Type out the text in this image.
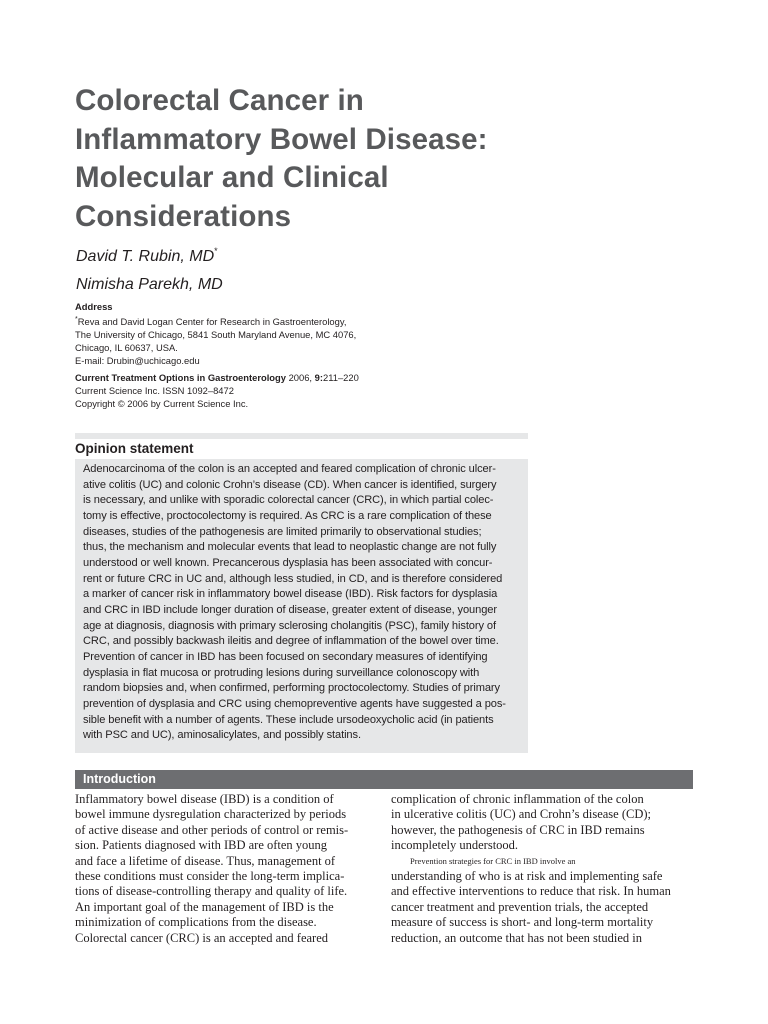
Colorectal Cancer in
Inflammatory Bowel Disease:
Molecular and Clinical
Considerations
David T. Rubin, MD*
Nimisha Parekh, MD
Address
*Reva and David Logan Center for Research in Gastroenterology,
The University of Chicago, 5841 South Maryland Avenue, MC 4076,
Chicago, IL 60637, USA.
E-mail: Drubin@uchicago.edu
Current Treatment Options in Gastroenterology 2006, 9:211–220
Current Science Inc. ISSN 1092–8472
Copyright © 2006 by Current Science Inc.
Opinion statement
Adenocarcinoma of the colon is an accepted and feared complication of chronic ulcer-
ative colitis (UC) and colonic Crohn’s disease (CD). When cancer is identified, surgery
is necessary, and unlike with sporadic colorectal cancer (CRC), in which partial colec-
tomy is effective, proctocolectomy is required. As CRC is a rare complication of these
diseases, studies of the pathogenesis are limited primarily to observational studies;
thus, the mechanism and molecular events that lead to neoplastic change are not fully
understood or well known. Precancerous dysplasia has been associated with concur-
rent or future CRC in UC and, although less studied, in CD, and is therefore considered
a marker of cancer risk in inflammatory bowel disease (IBD). Risk factors for dysplasia
and CRC in IBD include longer duration of disease, greater extent of disease, younger
age at diagnosis, diagnosis with primary sclerosing cholangitis (PSC), family history of
CRC, and possibly backwash ileitis and degree of inflammation of the bowel over time.
Prevention of cancer in IBD has been focused on secondary measures of identifying
dysplasia in flat mucosa or protruding lesions during surveillance colonoscopy with
random biopsies and, when confirmed, performing proctocolectomy. Studies of primary
prevention of dysplasia and CRC using chemopreventive agents have suggested a pos-
sible benefit with a number of agents. These include ursodeoxycholic acid (in patients
with PSC and UC), aminosalicylates, and possibly statins.
Introduction
Inflammatory bowel disease (IBD) is a condition of
bowel immune dysregulation characterized by periods
of active disease and other periods of control or remis-
sion. Patients diagnosed with IBD are often young
and face a lifetime of disease. Thus, management of
these conditions must consider the long-term implica-
tions of disease-controlling therapy and quality of life.
An important goal of the management of IBD is the
minimization of complications from the disease.
Colorectal cancer (CRC) is an accepted and feared
complication of chronic inflammation of the colon
in ulcerative colitis (UC) and Crohn’s disease (CD);
however, the pathogenesis of CRC in IBD remains
incompletely understood.
Prevention strategies for CRC in IBD involve an
understanding of who is at risk and implementing safe
and effective interventions to reduce that risk. In human
cancer treatment and prevention trials, the accepted
measure of success is short- and long-term mortality
reduction, an outcome that has not been studied in
